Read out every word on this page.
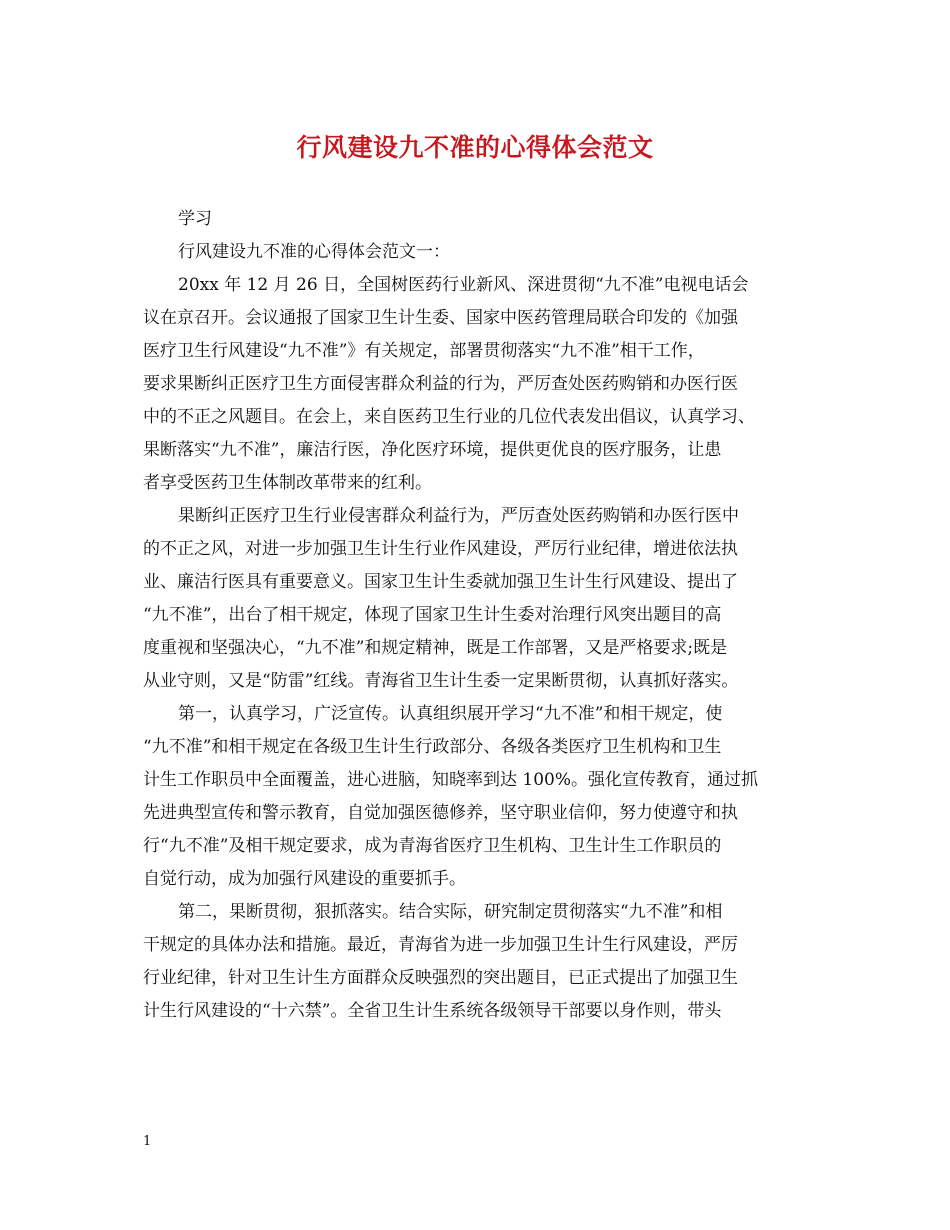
行风建设九不准的心得体会范文
学习
行风建设九不准的心得体会范文一：
20xx 年 12 月 26 日，全国树医药行业新风、深进贯彻“九不准”电视电话会
议在京召开。会议通报了国家卫生计生委、国家中医药管理局联合印发的《加强
医疗卫生行风建设“九不准”》有关规定，部署贯彻落实“九不准”相干工作，
要求果断纠正医疗卫生方面侵害群众利益的行为，严厉查处医药购销和办医行医
中的不正之风题目。在会上，来自医药卫生行业的几位代表发出倡议，认真学习、
果断落实“九不准”，廉洁行医，净化医疗环境，提供更优良的医疗服务，让患
者享受医药卫生体制改革带来的红利。
果断纠正医疗卫生行业侵害群众利益行为，严厉查处医药购销和办医行医中
的不正之风，对进一步加强卫生计生行业作风建设，严厉行业纪律，增进依法执
业、廉洁行医具有重要意义。国家卫生计生委就加强卫生计生行风建设、提出了
“九不准”，出台了相干规定，体现了国家卫生计生委对治理行风突出题目的高
度重视和坚强决心，“九不准”和规定精神，既是工作部署，又是严格要求;既是
从业守则，又是“防雷”红线。青海省卫生计生委一定果断贯彻，认真抓好落实。
第一，认真学习，广泛宣传。认真组织展开学习“九不准”和相干规定，使
“九不准”和相干规定在各级卫生计生行政部分、各级各类医疗卫生机构和卫生
计生工作职员中全面覆盖，进心进脑，知晓率到达 100%。强化宣传教育，通过抓
先进典型宣传和警示教育，自觉加强医德修养，坚守职业信仰，努力使遵守和执
行“九不准”及相干规定要求，成为青海省医疗卫生机构、卫生计生工作职员的
自觉行动，成为加强行风建设的重要抓手。
第二，果断贯彻，狠抓落实。结合实际，研究制定贯彻落实“九不准”和相
干规定的具体办法和措施。最近，青海省为进一步加强卫生计生行风建设，严厉
行业纪律，针对卫生计生方面群众反映强烈的突出题目，已正式提出了加强卫生
计生行风建设的“十六禁”。全省卫生计生系统各级领导干部要以身作则，带头
1
